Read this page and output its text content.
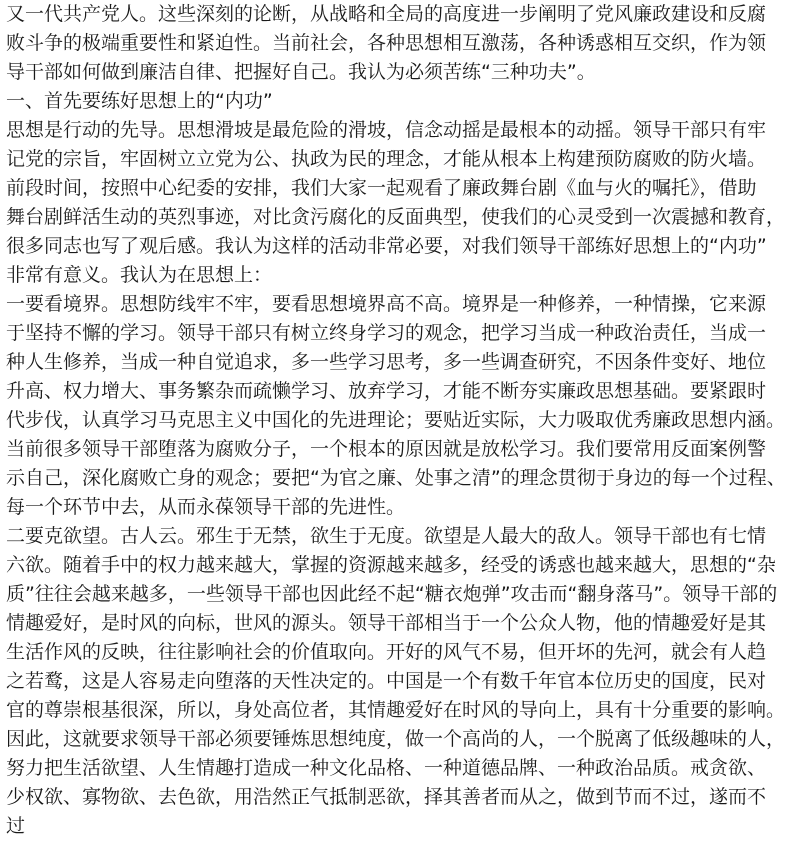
又一代共产党人。这些深刻的论断，从战略和全局的高度进一步阐明了党风廉政建设和反腐
败斗争的极端重要性和紧迫性。当前社会，各种思想相互激荡，各种诱惑相互交织，作为领
导干部如何做到廉洁自律、把握好自己。我认为必须苦练“三种功夫”。
一、首先要练好思想上的“内功”
思想是行动的先导。思想滑坡是最危险的滑坡，信念动摇是最根本的动摇。领导干部只有牢
记党的宗旨，牢固树立立党为公、执政为民的理念，才能从根本上构建预防腐败的防火墙。
前段时间，按照中心纪委的安排，我们大家一起观看了廉政舞台剧《血与火的嘱托》，借助
舞台剧鲜活生动的英烈事迹，对比贪污腐化的反面典型，使我们的心灵受到一次震撼和教育，
很多同志也写了观后感。我认为这样的活动非常必要，对我们领导干部练好思想上的“内功”
非常有意义。我认为在思想上：
一要看境界。思想防线牢不牢，要看思想境界高不高。境界是一种修养，一种情操，它来源
于坚持不懈的学习。领导干部只有树立终身学习的观念，把学习当成一种政治责任，当成一
种人生修养，当成一种自觉追求，多一些学习思考，多一些调查研究，不因条件变好、地位
升高、权力增大、事务繁杂而疏懒学习、放弃学习，才能不断夯实廉政思想基础。要紧跟时
代步伐，认真学习马克思主义中国化的先进理论；要贴近实际，大力吸取优秀廉政思想内涵。
当前很多领导干部堕落为腐败分子，一个根本的原因就是放松学习。我们要常用反面案例警
示自己，深化腐败亡身的观念；要把“为官之廉、处事之清”的理念贯彻于身边的每一个过程、
每一个环节中去，从而永葆领导干部的先进性。
二要克欲望。古人云。邪生于无禁，欲生于无度。欲望是人最大的敌人。领导干部也有七情
六欲。随着手中的权力越来越大，掌握的资源越来越多，经受的诱惑也越来越大，思想的“杂
质”往往会越来越多，一些领导干部也因此经不起“糖衣炮弹”攻击而“翻身落马”。领导干部的
情趣爱好，是时风的向标，世风的源头。领导干部相当于一个公众人物，他的情趣爱好是其
生活作风的反映，往往影响社会的价值取向。开好的风气不易，但开坏的先河，就会有人趋
之若鹜，这是人容易走向堕落的天性决定的。中国是一个有数千年官本位历史的国度，民对
官的尊崇根基很深，所以，身处高位者，其情趣爱好在时风的导向上，具有十分重要的影响。
因此，这就要求领导干部必须要锤炼思想纯度，做一个高尚的人，一个脱离了低级趣味的人，
努力把生活欲望、人生情趣打造成一种文化品格、一种道德品牌、一种政治品质。戒贪欲、
少权欲、寡物欲、去色欲，用浩然正气抵制恶欲，择其善者而从之，做到节而不过，遂而不
过
